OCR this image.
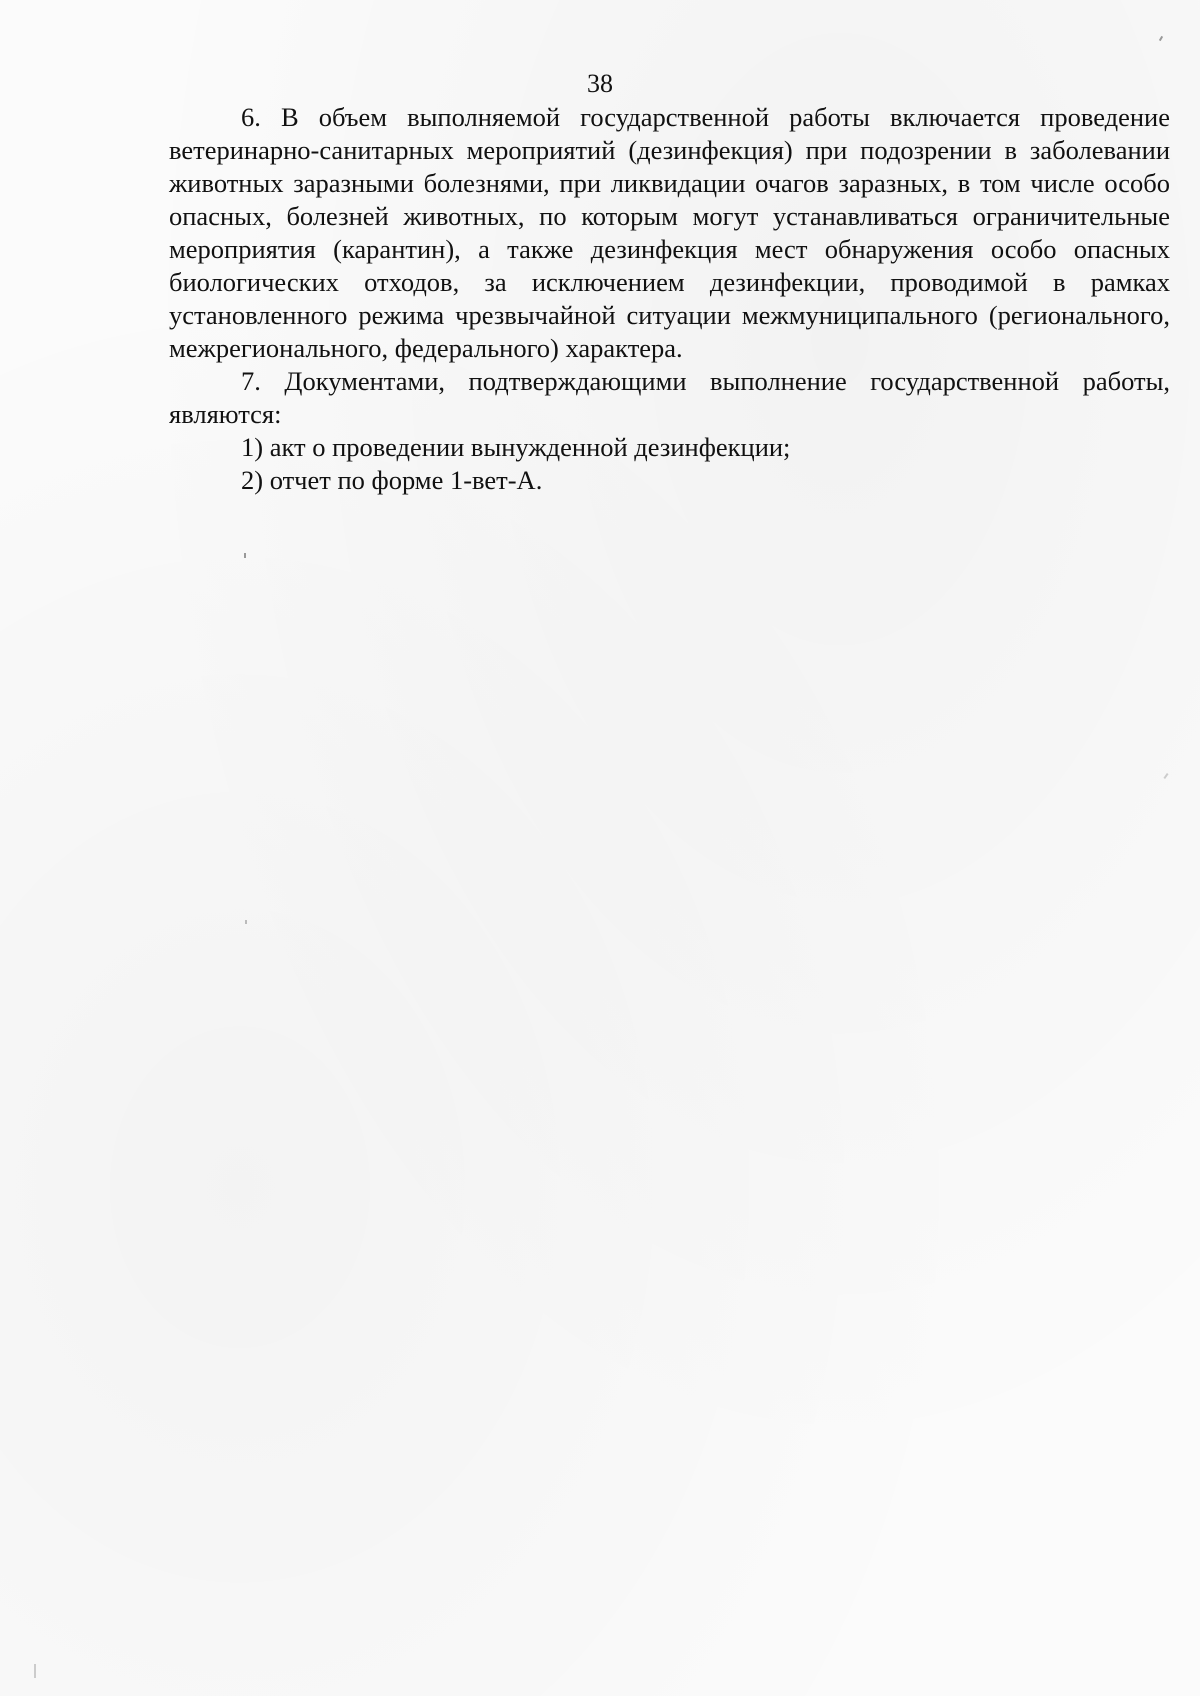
38

6. В объем выполняемой государственной работы включается проведение ветеринарно-санитарных мероприятий (дезинфекция) при подозрении в заболевании животных заразными болезнями, при ликвидации очагов заразных, в том числе особо опасных, болезней животных, по которым могут устанавливаться ограничительные мероприятия (карантин), а также дезинфекция мест обнаружения особо опасных биологических отходов, за исключением дезинфекции, проводимой в рамках установленного режима чрезвычайной ситуации межмуниципального (регионального, межрегионального, федерального) характера.

7. Документами, подтверждающими выполнение государственной работы, являются:

1) акт о проведении вынужденной дезинфекции;

2) отчет по форме 1-вет-А.
